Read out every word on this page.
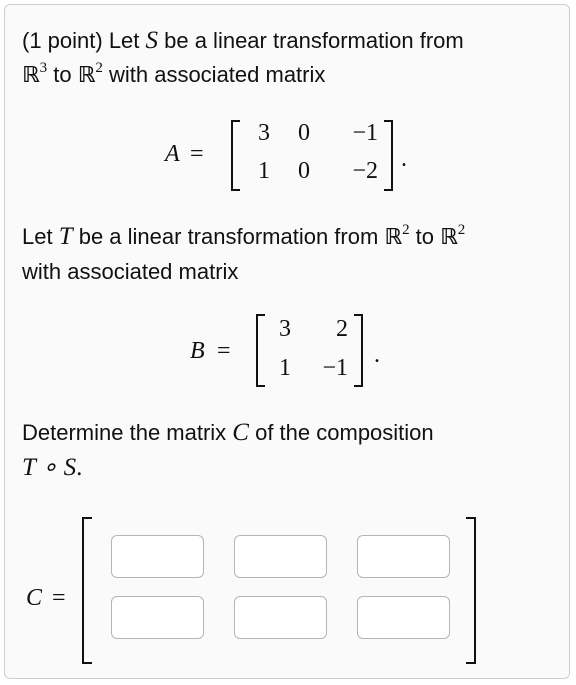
(1 point) Let S be a linear transformation from
ℝ$^3$ to ℝ$^2$ with associated matrix
A =
3	0	−1
1	0	−2 .
Let T be a linear transformation from ℝ$^2$ to ℝ$^2$
with associated matrix
B =
3	2
1	−1 .
Determine the matrix C of the composition
T ∘ S.
C =
